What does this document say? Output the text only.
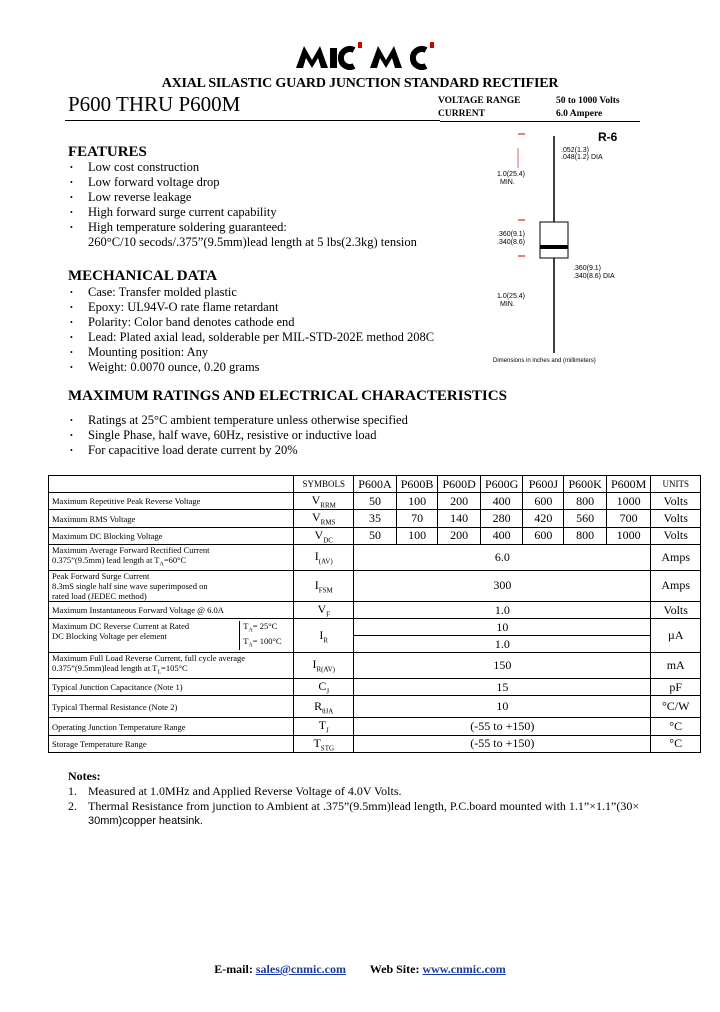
AXIAL SILASTIC GUARD JUNCTION STANDARD RECTIFIER
P600 THRU P600M	VOLTAGE RANGE	50 to 1000 Volts
CURRENT	6.0 Ampere
FEATURES
• Low cost construction
• Low forward voltage drop
• Low reverse leakage
• High forward surge current capability
• High temperature soldering guaranteed:
260°C/10 secods/.375”(9.5mm)lead length at 5 lbs(2.3kg) tension
MECHANICAL DATA
• Case: Transfer molded plastic
• Epoxy: UL94V-O rate flame retardant
• Polarity: Color band denotes cathode end
• Lead: Plated axial lead, solderable per MIL-STD-202E method 208C
• Mounting position: Any
• Weight: 0.0070 ounce, 0.20 grams
R-6
.052(1.3)
.048(1.2) DIA
1.0(25.4)
MIN.
.360(9.1)
.340(8.6)
.360(9.1)
.340(8.6) DIA
1.0(25.4)
MIN.
Dimensions in inches and (millimeters)
MAXIMUM RATINGS AND ELECTRICAL CHARACTERISTICS
• Ratings at 25°C ambient temperature unless otherwise specified
• Single Phase, half wave, 60Hz, resistive or inductive load
• For capacitive load derate current by 20%
	SYMBOLS	P600A	P600B	P600D	P600G	P600J	P600K	P600M	UNITS
Maximum Repetitive Peak Reverse Voltage	$V_{RRM}$	50	100	200	400	600	800	1000	Volts
Maximum RMS Voltage	$V_{RMS}$	35	70	140	280	420	560	700	Volts
Maximum DC Blocking Voltage	$V_{DC}$	50	100	200	400	600	800	1000	Volts

Maximum Average Forward Rectified Current
0.375”(9.5mm) lead length at $T_A=60^\circ C$	$I_{(AV)}$	6.0							Amps

Peak Forward Surge Current
8.3mS single half sine wave superimposed on
rated load (JEDEC method)	$I_{FSM}$	300							Amps
Maximum Instantaneous Forward Voltage @ 6.0A	$V_F$	1.0							Volts

Maximum DC Reverse Current at Rated
DC Blocking Voltage per element
$T_A= 25^\circ C$
$T_A= 100^\circ C$	$I_R$	10							µA
		1.0							

Maximum Full Load Reverse Current, full cycle average
0.375”(9.5mm)lead length at $T_L=105^\circ C$	$I_{R(AV)}$	150							mA
Typical Junction Capacitance (Note 1)	$C_J$	15							pF
Typical Thermal Resistance (Note 2)	$R_{\theta JA}$	10							°C/W
Operating Junction Temperature Range	$T_J$	(-55 to +150)							°C
Storage Temperature Range	$T_{STG}$	(-55 to +150)							°C
Notes:
1. Measured at 1.0MHz and Applied Reverse Voltage of 4.0V Volts.
2. Thermal Resistance from junction to Ambient at .375”(9.5mm)lead length, P.C.board mounted with 1.1”×1.1”(30×
30mm)copper heatsink.
E-mail: sales@cnmic.com Web Site: www.cnmic.com
